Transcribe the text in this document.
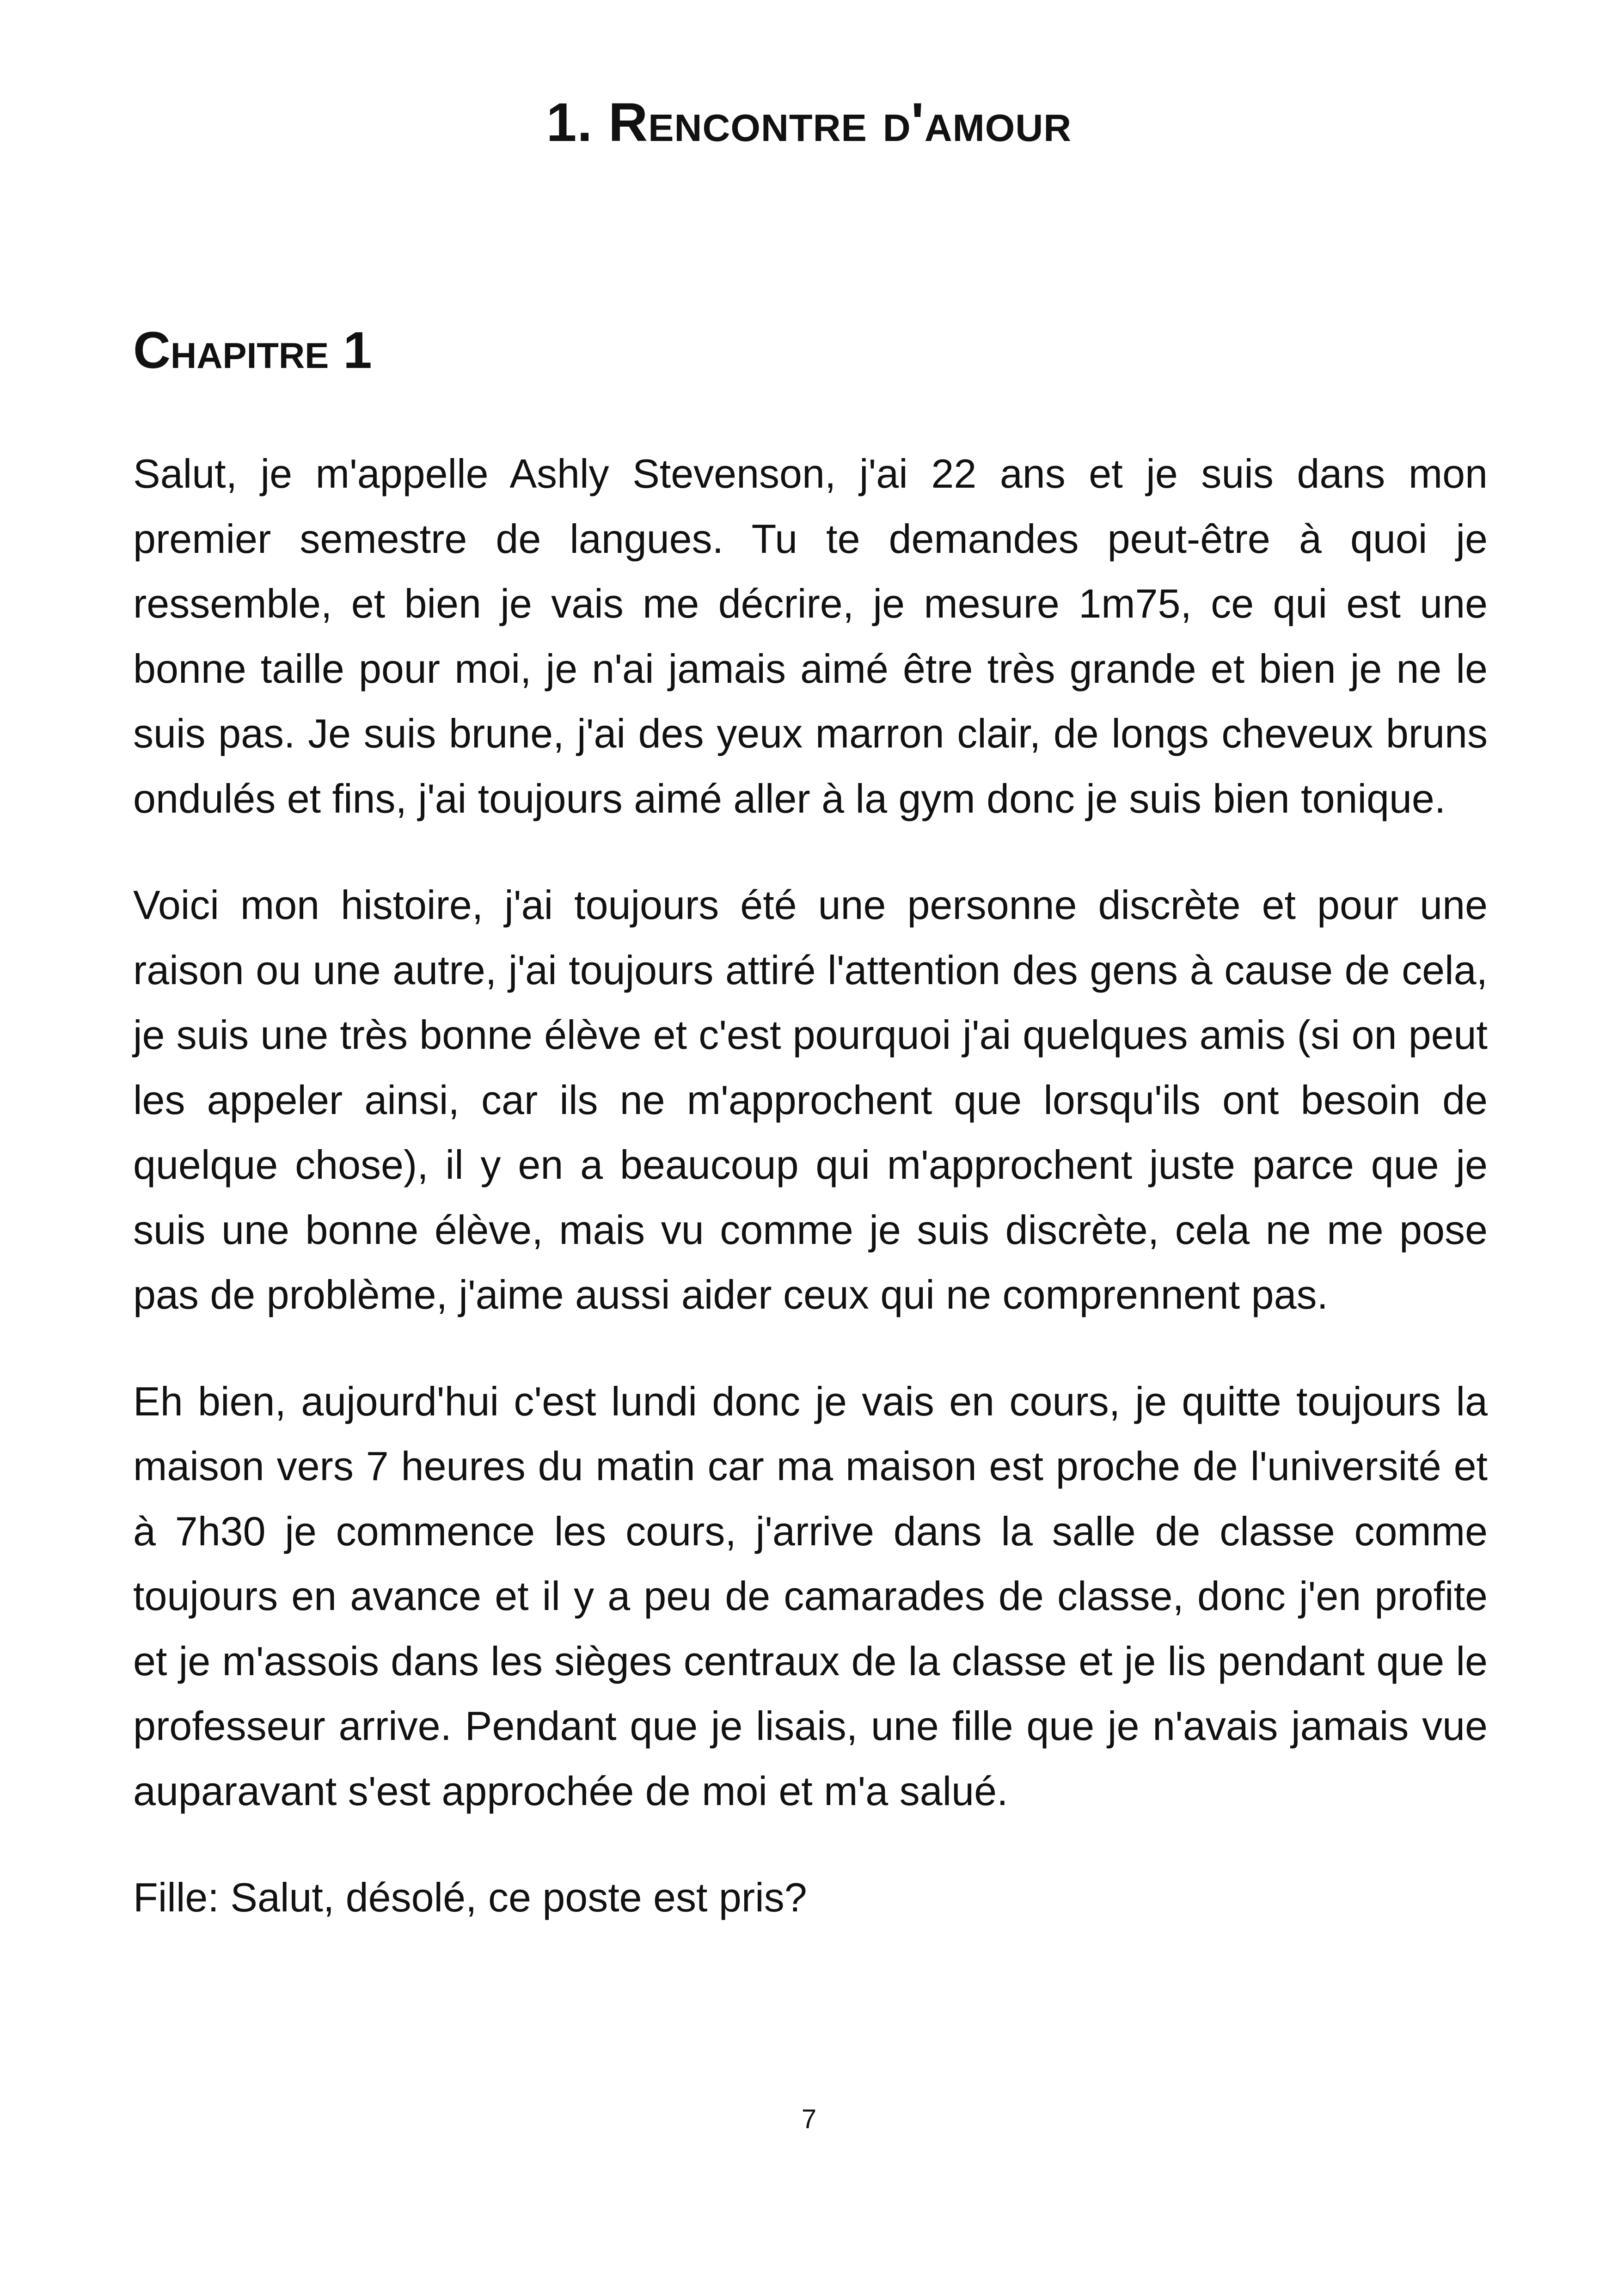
1. Rencontre d'amour
Chapitre 1

Salut, je m'appelle Ashly Stevenson, j'ai 22 ans et je suis dans mon premier semestre de langues. Tu te demandes peut-être à quoi je ressemble, et bien je vais me décrire, je mesure 1m75, ce qui est une bonne taille pour moi, je n'ai jamais aimé être très grande et bien je ne le suis pas. Je suis brune, j'ai des yeux marron clair, de longs cheveux bruns ondulés et fins, j'ai toujours aimé aller à la gym donc je suis bien tonique.

Voici mon histoire, j'ai toujours été une personne discrète et pour une raison ou une autre, j'ai toujours attiré l'attention des gens à cause de cela, je suis une très bonne élève et c'est pourquoi j'ai quelques amis (si on peut les appeler ainsi, car ils ne m'approchent que lorsqu'ils ont besoin de quelque chose), il y en a beaucoup qui m'approchent juste parce que je suis une bonne élève, mais vu comme je suis discrète, cela ne me pose pas de problème, j'aime aussi aider ceux qui ne comprennent pas.

Eh bien, aujourd'hui c'est lundi donc je vais en cours, je quitte toujours la maison vers 7 heures du matin car ma maison est proche de l'université et à 7h30 je commence les cours, j'arrive dans la salle de classe comme toujours en avance et il y a peu de camarades de classe, donc j'en profite et je m'assois dans les sièges centraux de la classe et je lis pendant que le professeur arrive. Pendant que je lisais, une fille que je n'avais jamais vue auparavant s'est approchée de moi et m'a salué.

Fille: Salut, désolé, ce poste est pris?

7
